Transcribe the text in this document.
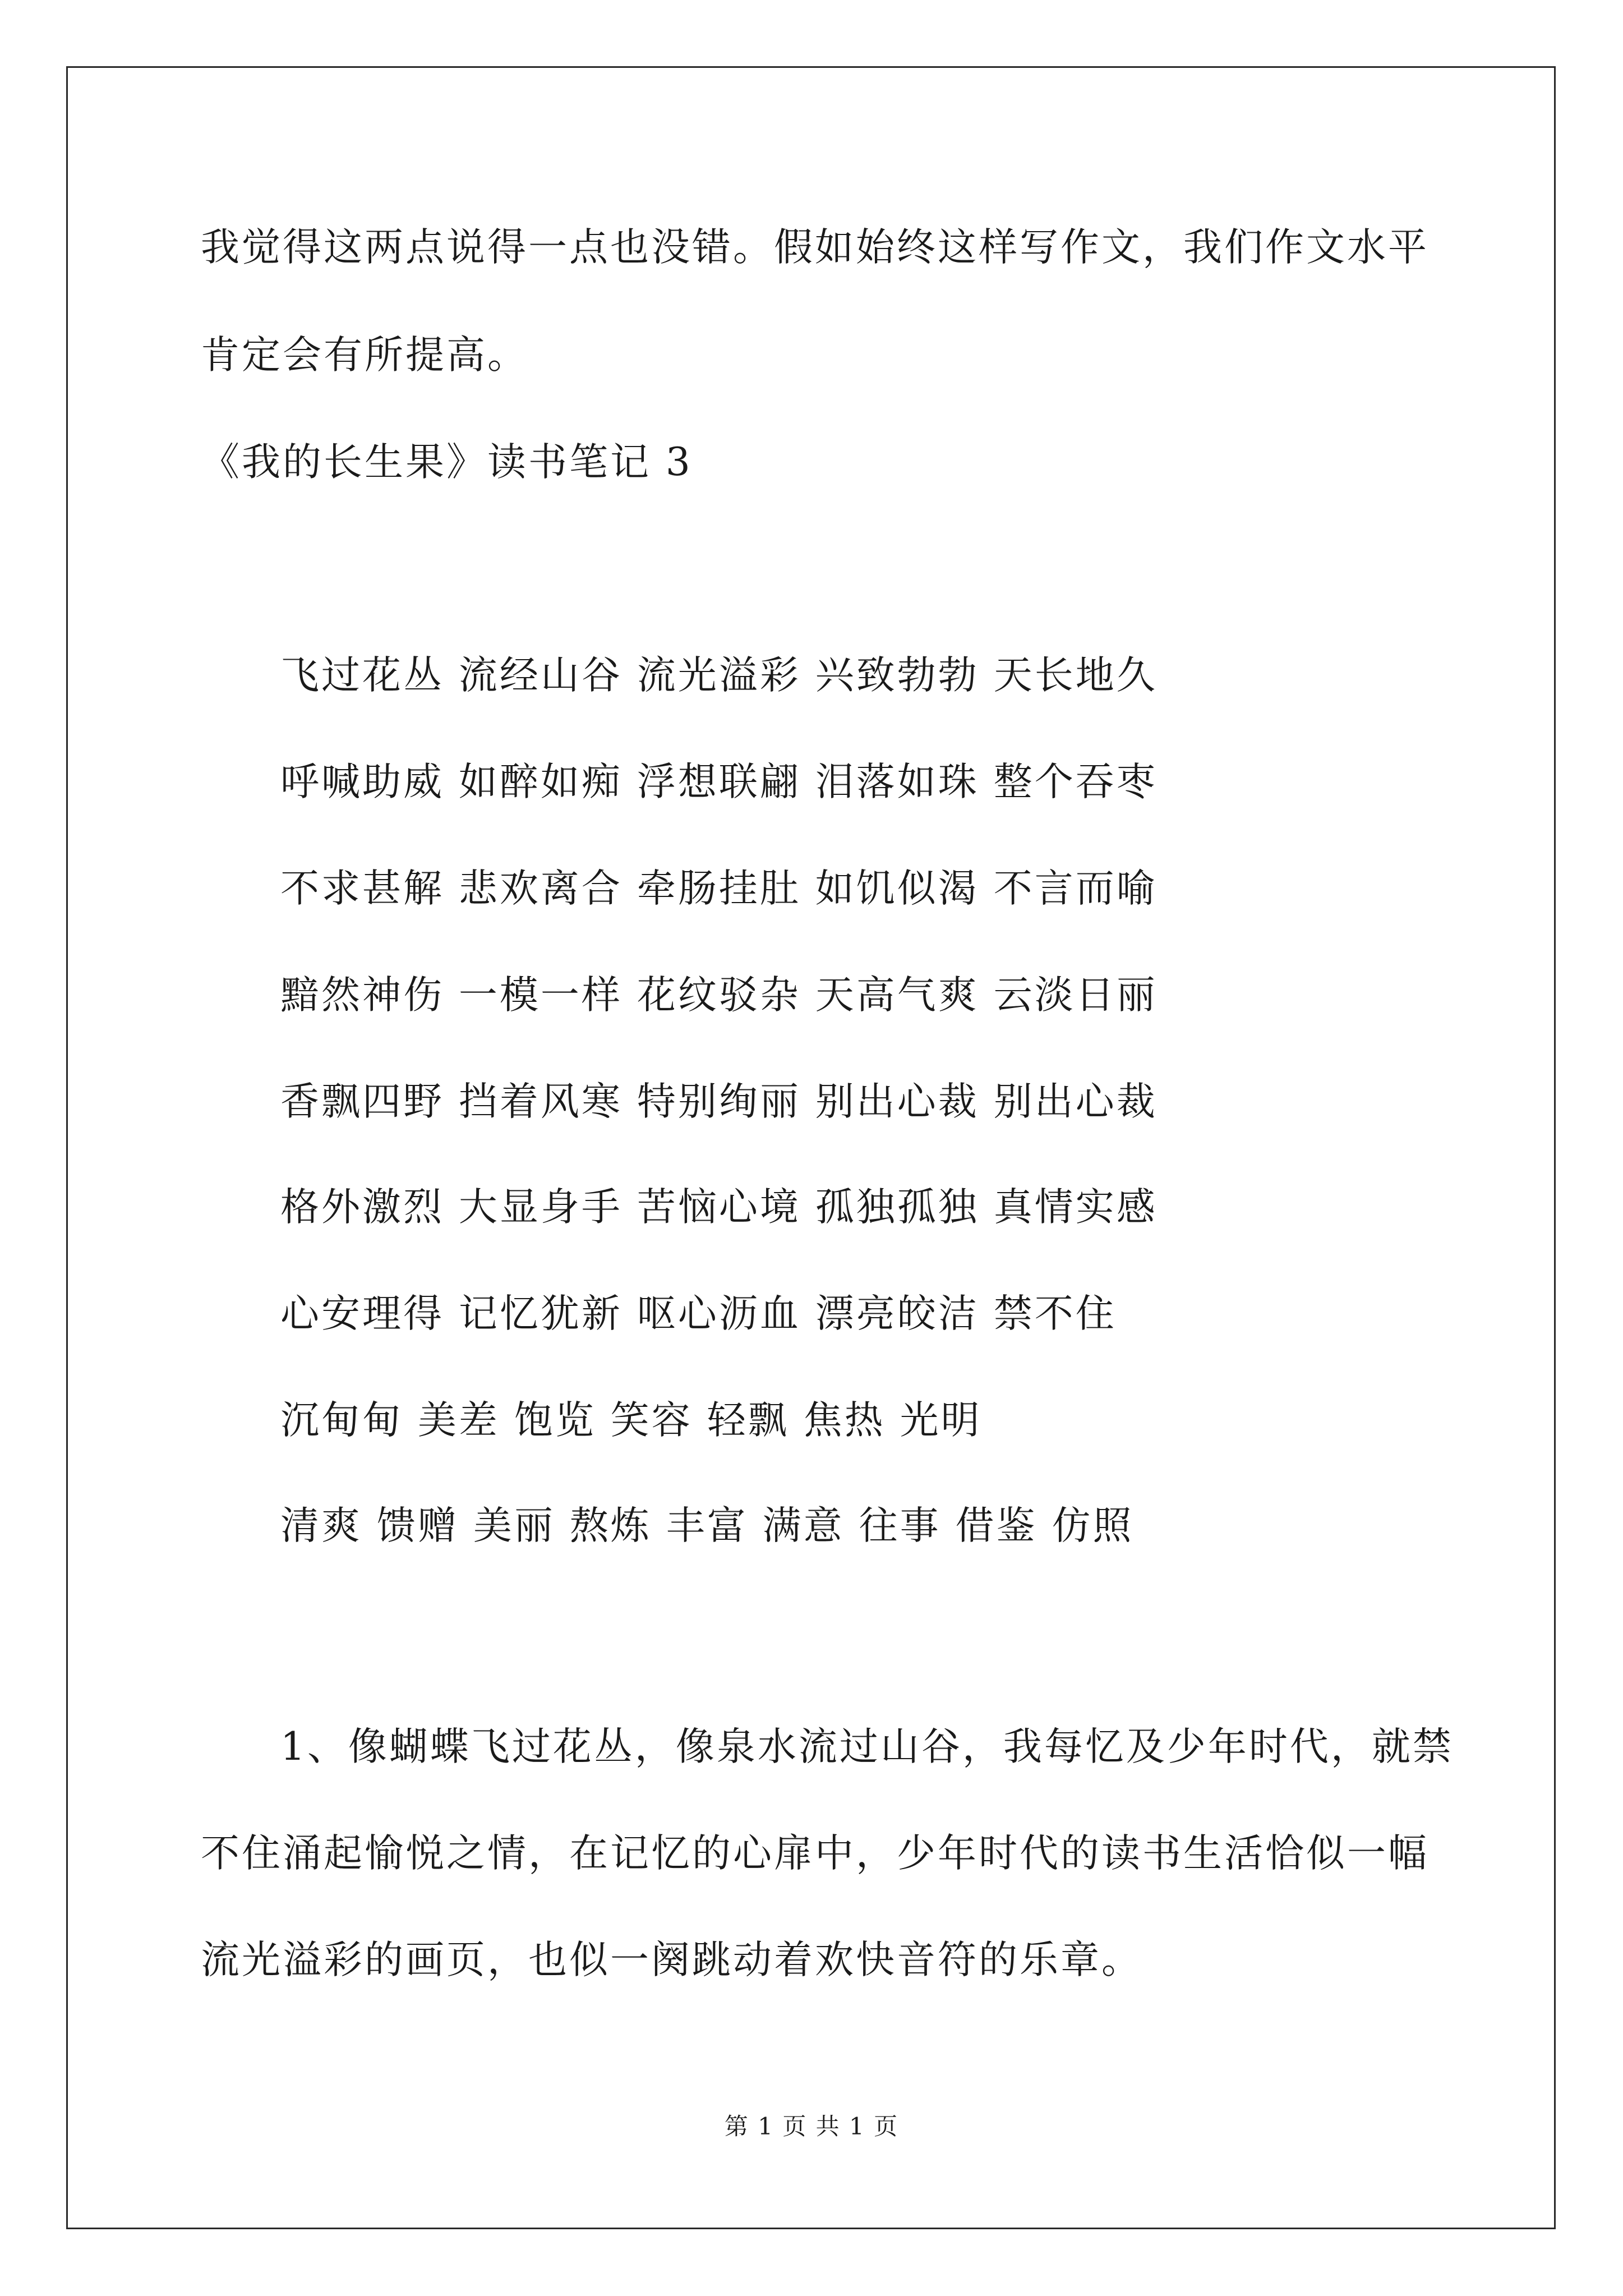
我觉得这两点说得一点也没错。假如始终这样写作文，我们作文水平
肯定会有所提高。
《我的长生果》读书笔记 3
飞过花丛 流经山谷 流光溢彩 兴致勃勃 天长地久
呼喊助威 如醉如痴 浮想联翩 泪落如珠 整个吞枣
不求甚解 悲欢离合 牵肠挂肚 如饥似渴 不言而喻
黯然神伤 一模一样 花纹驳杂 天高气爽 云淡日丽
香飘四野 挡着风寒 特别绚丽 别出心裁 别出心裁
格外激烈 大显身手 苦恼心境 孤独孤独 真情实感
心安理得 记忆犹新 呕心沥血 漂亮皎洁 禁不住
沉甸甸 美差 饱览 笑容 轻飘 焦热 光明
清爽 馈赠 美丽 熬炼 丰富 满意 往事 借鉴 仿照
1、像蝴蝶飞过花丛，像泉水流过山谷，我每忆及少年时代，就禁
不住涌起愉悦之情，在记忆的心扉中，少年时代的读书生活恰似一幅
流光溢彩的画页，也似一阕跳动着欢快音符的乐章。
第 1 页 共 1 页
